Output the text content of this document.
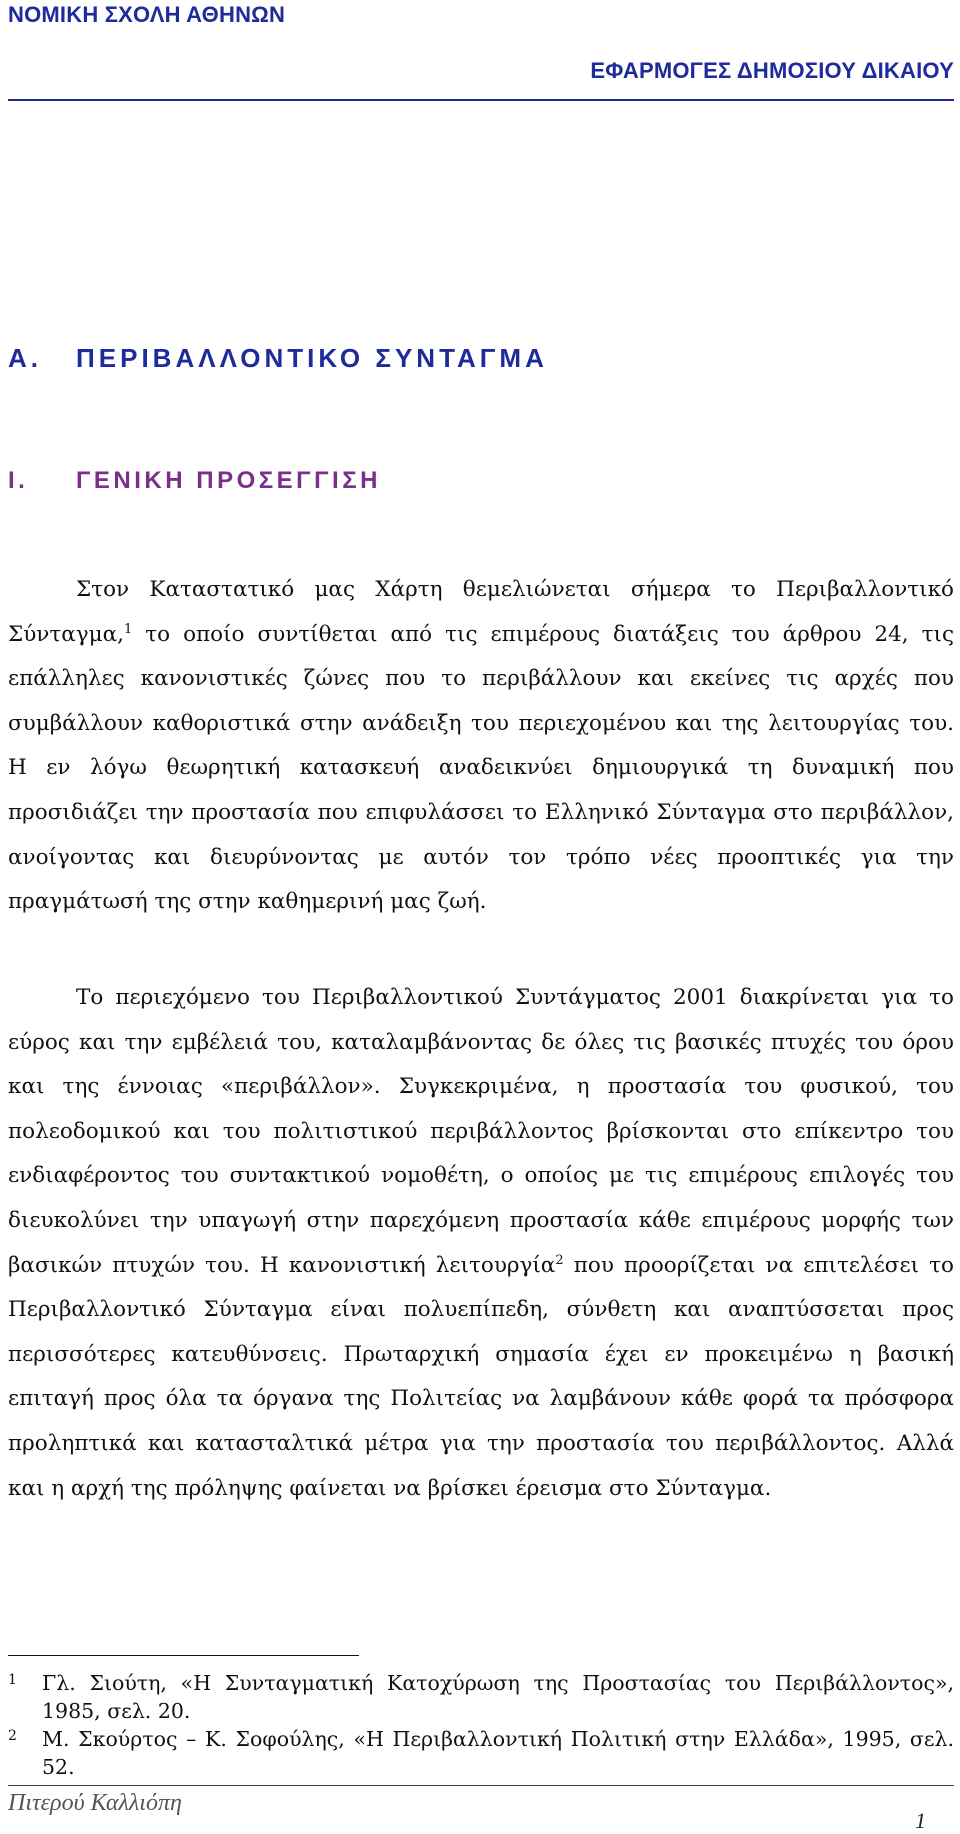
ΝΟΜΙΚΗ ΣΧΟΛΗ ΑΘΗΝΩΝ
ΕΦΑΡΜΟΓΕΣ ΔΗΜΟΣΙΟΥ ΔΙΚΑΙΟΥ
Α. ΠΕΡΙΒΑΛΛΟΝΤΙΚΟ ΣΥΝΤΑΓΜΑ
Ι. ΓΕΝΙΚΗ ΠΡΟΣΕΓΓΙΣΗ

Στον Καταστατικό μας Χάρτη θεμελιώνεται σήμερα το Περιβαλλοντικό Σύνταγμα,$^1$ το οποίο συντίθεται από τις επιμέρους διατάξεις του άρθρου 24, τις επάλληλες κανονιστικές ζώνες που το περιβάλλουν και εκείνες τις αρχές που συμβάλλουν καθοριστικά στην ανάδειξη του περιεχομένου και της λειτουργίας του. Η εν λόγω θεωρητική κατασκευή αναδεικνύει δημιουργικά τη δυναμική που προσιδιάζει την προστασία που επιφυλάσσει το Ελληνικό Σύνταγμα στο περιβάλλον, ανοίγοντας και διευρύνοντας με αυτόν τον τρόπο νέες προοπτικές για την πραγμάτωσή της στην καθημερινή μας ζωή.

Το περιεχόμενο του Περιβαλλοντικού Συντάγματος 2001 διακρίνεται για το εύρος και την εμβέλειά του, καταλαμβάνοντας δε όλες τις βασικές πτυχές του όρου και της έννοιας «περιβάλλον». Συγκεκριμένα, η προστασία του φυσικού, του πολεοδομικού και του πολιτιστικού περιβάλλοντος βρίσκονται στο επίκεντρο του ενδιαφέροντος του συντακτικού νομοθέτη, ο οποίος με τις επιμέρους επιλογές του διευκολύνει την υπαγωγή στην παρεχόμενη προστασία κάθε επιμέρους μορφής των βασικών πτυχών του. Η κανονιστική λειτουργία$^2$ που προορίζεται να επιτελέσει το Περιβαλλοντικό Σύνταγμα είναι πολυεπίπεδη, σύνθετη και αναπτύσσεται προς περισσότερες κατευθύνσεις. Πρωταρχική σημασία έχει εν προκειμένω η βασική επιταγή προς όλα τα όργανα της Πολιτείας να λαμβάνουν κάθε φορά τα πρόσφορα προληπτικά και κατασταλτικά μέτρα για την προστασία του περιβάλλοντος. Αλλά και η αρχή της πρόληψης φαίνεται να βρίσκει έρεισμα στο Σύνταγμα.

1 Γλ. Σιούτη, «Η Συνταγματική Κατοχύρωση της Προστασίας του Περιβάλλοντος», 1985, σελ. 20.
2 Μ. Σκούρτος – Κ. Σοφούλης, «Η Περιβαλλοντική Πολιτική στην Ελλάδα», 1995, σελ. 52.
Πιτερού Καλλιόπη
1
